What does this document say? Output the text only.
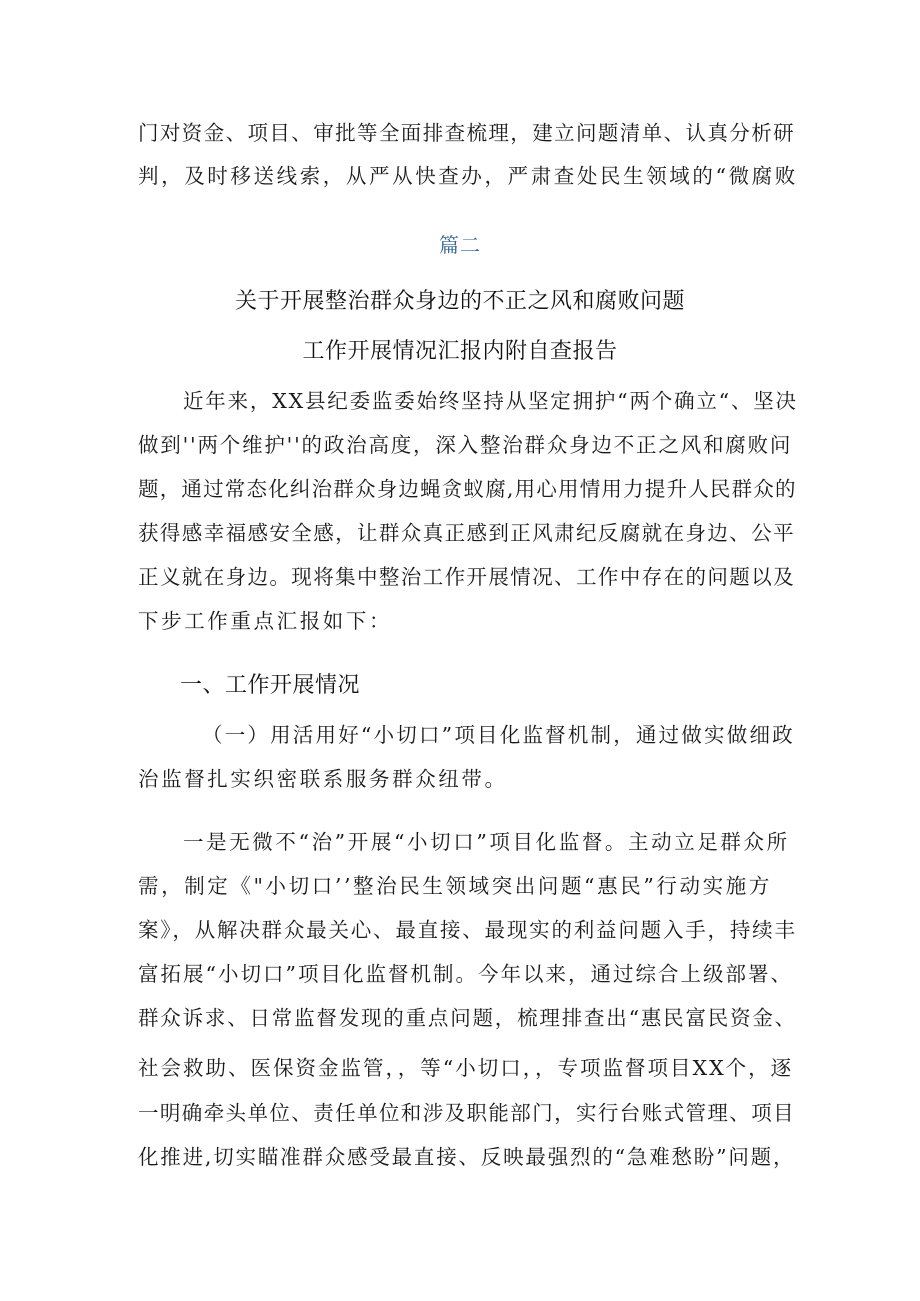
门对资金、项目、审批等全面排查梳理，建立问题清单、认真分析研
判，及时移送线索，从严从快查办，严肃查处民生领域的“微腐败
篇二
关于开展整治群众身边的不正之风和腐败问题
工作开展情况汇报内附自查报告
近年来，XX县纪委监委始终坚持从坚定拥护“两个确立“、坚决
做到''两个维护''的政治高度，深入整治群众身边不正之风和腐败问
题，通过常态化纠治群众身边蝇贪蚁腐,用心用情用力提升人民群众的
获得感幸福感安全感，让群众真正感到正风肃纪反腐就在身边、公平
正义就在身边。现将集中整治工作开展情况、工作中存在的问题以及
下步工作重点汇报如下：
一、工作开展情况
（一）用活用好“小切口”项目化监督机制，通过做实做细政
治监督扎实织密联系服务群众纽带。
一是无微不“治”开展“小切口”项目化监督。主动立足群众所
需，制定《"小切口’’整治民生领域突出问题“惠民”行动实施方
案》，从解决群众最关心、最直接、最现实的利益问题入手，持续丰
富拓展“小切口”项目化监督机制。今年以来，通过综合上级部署、
群众诉求、日常监督发现的重点问题，梳理排查出“惠民富民资金、
社会救助、医保资金监管，，等“小切口，，专项监督项目XX个，逐
一明确牵头单位、责任单位和涉及职能部门，实行台账式管理、项目
化推进,切实瞄准群众感受最直接、反映最强烈的“急难愁盼”问题，
